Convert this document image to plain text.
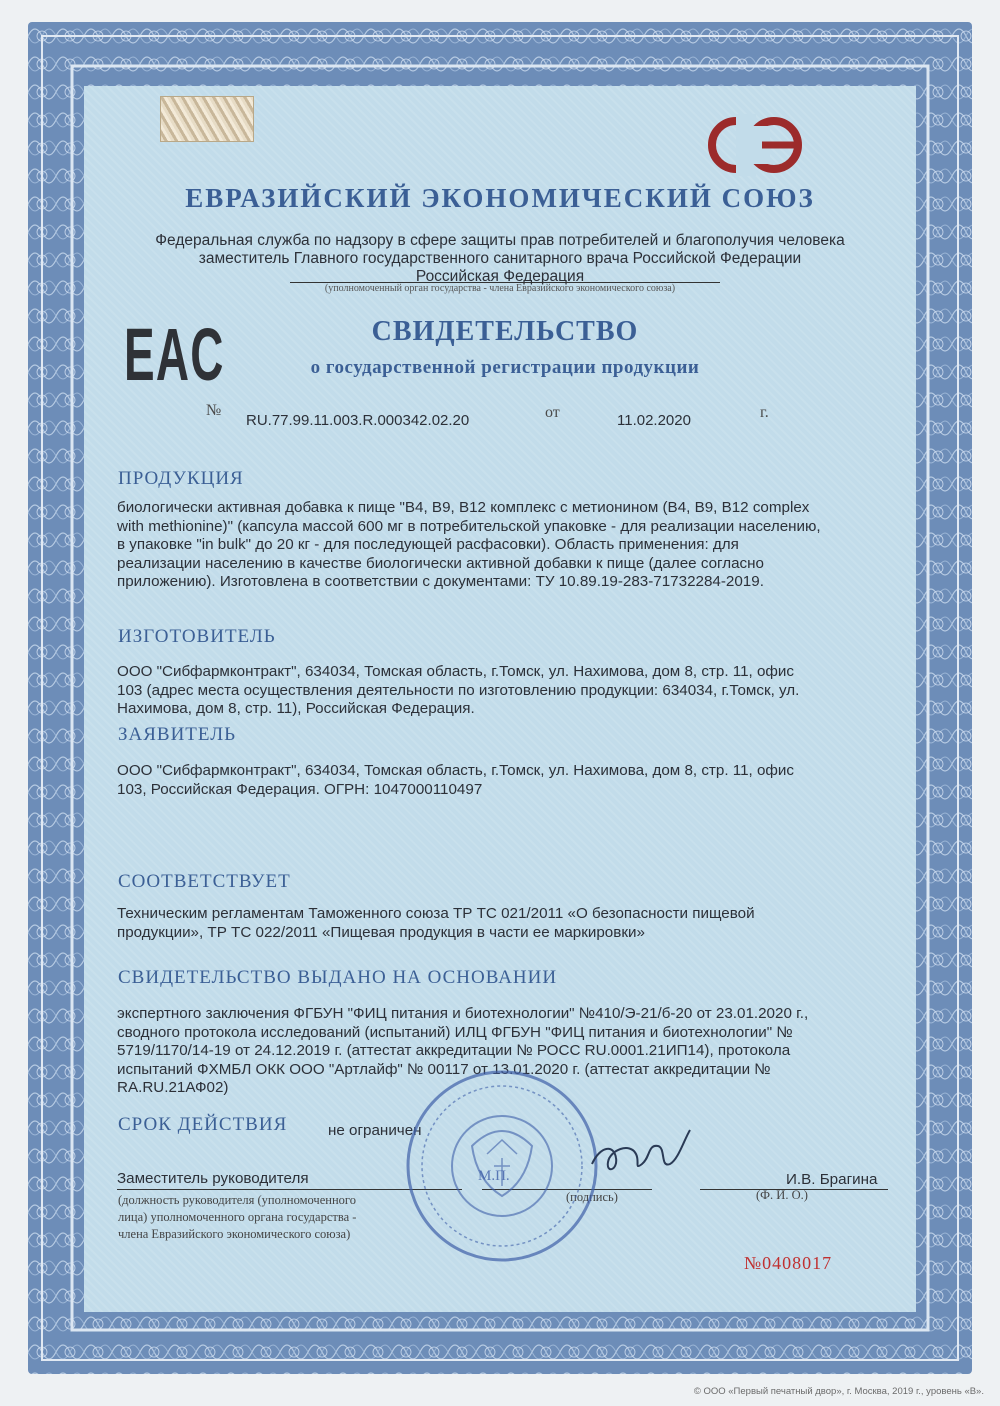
ЕВРАЗИЙСКИЙ ЭКОНОМИЧЕСКИЙ СОЮЗ
Федеральная служба по надзору в сфере защиты прав потребителей и благополучия человека
заместитель Главного государственного санитарного врача Российской Федерации
Российская Федерация
(уполномоченный орган государства - члена Евразийского экономического союза)
EAC	СВИДЕТЕЛЬСТВО
о государственной регистрации продукции
№
RU.77.99.11.003.R.000342.02.20	от	11.02.2020	г.
ПРОДУКЦИЯ
биологически активная добавка к пище "В4, В9, В12 комплекс с метионином (В4, В9, В12 complex
with methionine)" (капсула массой 600 мг в потребительской упаковке - для реализации населению,
в упаковке "in bulk" до 20 кг - для последующей расфасовки). Область применения: для
реализации населению в качестве биологически активной добавки к пище (далее согласно
приложению). Изготовлена в соответствии с документами: ТУ 10.89.19-283-71732284-2019.
ИЗГОТОВИТЕЛЬ
ООО "Сибфармконтракт", 634034, Томская область, г.Томск, ул. Нахимова, дом 8, стр. 11, офис
103 (адрес места осуществления деятельности по изготовлению продукции: 634034, г.Томск, ул.
Нахимова, дом 8, стр. 11), Российская Федерация.
ЗАЯВИТЕЛЬ
ООО "Сибфармконтракт", 634034, Томская область, г.Томск, ул. Нахимова, дом 8, стр. 11, офис
103, Российская Федерация. ОГРН: 1047000110497
СООТВЕТСТВУЕТ
Техническим регламентам Таможенного союза ТР ТС 021/2011 «О безопасности пищевой
продукции», ТР ТС 022/2011 «Пищевая продукция в части ее маркировки»
СВИДЕТЕЛЬСТВО ВЫДАНО НА ОСНОВАНИИ
экспертного заключения ФГБУН "ФИЦ питания и биотехнологии" №410/Э-21/б-20 от 23.01.2020 г.,
сводного протокола исследований (испытаний) ИЛЦ ФГБУН "ФИЦ питания и биотехнологии" №
5719/1170/14-19 от 24.12.2019 г. (аттестат аккредитации № РОСС RU.0001.21ИП14), протокола
испытаний ФХМБЛ ОКК ООО "Артлайф" № 00117 от 13.01.2020 г. (аттестат аккредитации №
RA.RU.21АФ02)
СРОК ДЕЙСТВИЯ	не ограничен
Заместитель руководителя	И.В. Брагина
(должность руководителя (уполномоченного
лица) уполномоченного органа государства -
члена Евразийского экономического союза)
(подпись)	(Ф. И. О.)
М.П.
№0408017
© ООО «Первый печатный двор», г. Москва, 2019 г., уровень «В».
